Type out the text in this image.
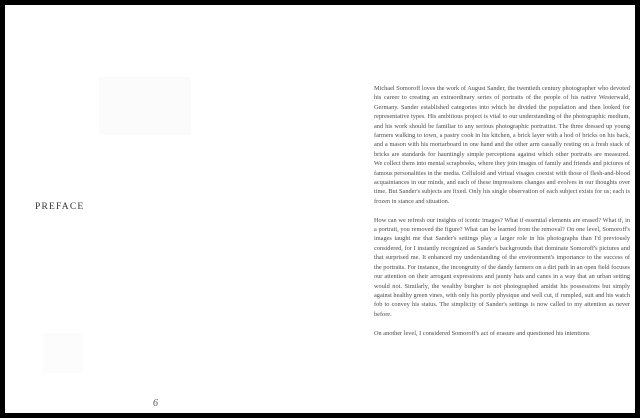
PREFACE
6

Michael Somoroff loves the work of August Sander, the twentieth century photographer who devoted his career to creating an extraordinary series of portraits of the people of his native Westerwald, Germany. Sander established categories into which he divided the population and then looked for representative types. His ambitious project is vital to our understanding of the photographic medium, and his work should be familiar to any serious photographic portraitist. The three dressed up young farmers walking to town, a pastry cook in his kitchen, a brick layer with a hod of bricks on his back, and a mason with his mortarboard in one hand and the other arm casually resting on a fresh stack of bricks are standards for hauntingly simple perceptions against which other portraits are measured. We collect them into mental scrapbooks, where they join images of family and friends and pictures of famous personalities in the media. Celluloid and virtual visages coexist with those of flesh-and-blood acquaintances in our minds, and each of these impressions changes and evolves in our thoughts over time. But Sander's subjects are fixed. Only his single observation of each subject exists for us; each is frozen in stance and situation.

How can we refresh our insights of iconic images? What if essential elements are erased? What if, in a portrait, you removed the figure? What can be learned from the removal? On one level, Somoroff's images taught me that Sander's settings play a larger role in his photographs than I'd previously considered, for I instantly recognized as Sander's backgrounds that dominate Somoroff's pictures and that surprised me. It enhanced my understanding of the environment's importance to the success of the portraits. For instance, the incongruity of the dandy farmers on a dirt path in an open field focuses our attention on their arrogant expressions and jaunty hats and canes in a way that an urban setting would not. Similarly, the wealthy burgher is not photographed amidst his possessions but simply against healthy green vines, with only his portly physique and well cut, if rumpled, suit and his watch fob to convey his status. The simplicity of Sander's settings is now called to my attention as never before.

On another level, I considered Somoroff's act of erasure and questioned his intentions
